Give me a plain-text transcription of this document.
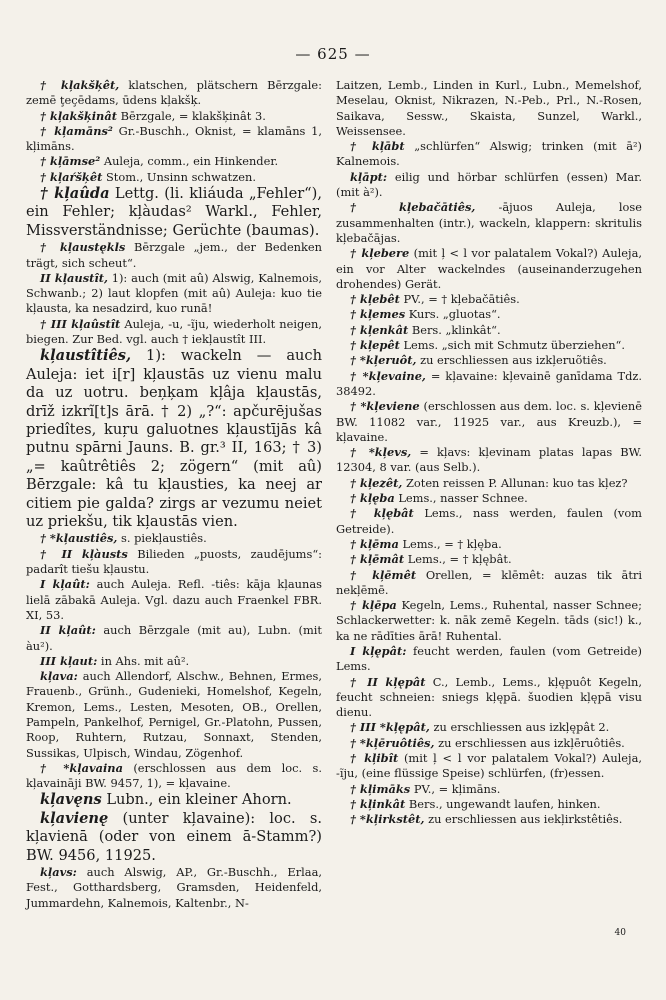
— 625 —

† kļakšķêt, klatschen, plätschern Bērzgale: zemē ţeçēdams, ūdens kļakšķ.

† kļakšķinât Bērzgale, = klakšķinât 3.

† kļamāns² Gr.-Buschh., Oknist, = klamāns 1, kļimāns.

† kļāmse² Auleja, comm., ein Hinkender.

† kļaŕšķêt Stom., Unsinn schwatzen.

† kļaûda Lettg. (li. kliáuda „Fehler“), ein Fehler; kļàudas² Warkl., Fehler, Missverständnisse; Gerüchte (baumas).

† kļaustękls Bērzgale „jem., der Bedenken trägt, sich scheut“.

II kļaustît, 1): auch (mit aû) Alswig, Kalnemois, Schwanb.; 2) laut klopfen (mit aû) Auleja: kuo tie kļausta, ka nesadzird, kuo runā!

† III kļaûstît Auleja, -u, -ĩju, wiederholt neigen, biegen. Zur Bed. vgl. auch † iekļaustît III.

kļaustîtiês, 1): wackeln — auch Auleja: iet i[r] kļaustās uz vienu malu da uz uotru. beņķam kļâja kļaustās, drīž izkrĩ[t]s ārā. † 2) „?“: apčurējušas priedîtes, kuŗu galuotnes kļaustījās kâ putnu spārni Jauns. B. gr.³ II, 163; † 3) „= kaûtrêtiês 2; zögern“ (mit aû) Bērzgale: kâ tu kļausties, ka neej ar citiem pie galda? zirgs ar vezumu neiet uz priekšu, tik kļaustās vien.

† *kļaustiês, s. piekļaustiês.

† II kļàusts Bilieden „puosts, zaudējums“: padarît tiešu kļaustu.

I kļaût: auch Auleja. Refl. -tiês: kāja kļaunas lielā zābakā Auleja. Vgl. dazu auch Fraenkel FBR. XI, 53.

II kļaût: auch Bērzgale (mit au), Lubn. (mit àu²).

III kļaut: in Ahs. mit aû².

kļava: auch Allendorf, Alschw., Behnen, Ermes, Frauenb., Grünh., Gudenieki, Homelshof, Kegeln, Kremon, Lems., Lesten, Mesoten, OB., Orellen, Pampeln, Pankelhof, Pernigel, Gr.-Platohn, Pussen, Roop, Ruhtern, Rutzau, Sonnaxt, Stenden, Sussikas, Ulpisch, Windau, Zögenhof.

† *kļavaina (erschlossen aus dem loc. s. kļavaināji BW. 9457, 1), = kļavaine.

kļavęns Lubn., ein kleiner Ahorn.

kļavienę (unter kļavaine): loc. s. kļavienā (oder von einem ā-Stamm?) BW. 9456, 11925.

kļavs: auch Alswig, AP., Gr.-Buschh., Erlaa, Fest., Gotthardsberg, Gramsden, Heidenfeld, Jummardehn, Kalnemois, Kaltenbr., N-

Laitzen, Lemb., Linden in Kurl., Lubn., Memelshof, Meselau, Oknist, Nikrazen, N.-Peb., Prl., N.-Rosen, Saikava, Sessw., Skaista, Sunzel, Warkl., Weissensee.

† kļābt „schlürfen“ Alswig; trinken (mit ā²) Kalnemois.

kļāpt: eilig und hörbar schlürfen (essen) Mar. (mit à²).

† kļebačātiês, -ājuos Auleja, lose zusammenhalten (intr.), wackeln, klappern: skritulis kļebačājas.

† kļebere (mit ļ < l vor palatalem Vokal?) Auleja, ein vor Alter wackelndes (auseinanderzugehen drohendes) Gerät.

† kļebêt PV., = † kļebačātiês.

† kļemes Kurs. „gluotas“.

† kļenkât Bers. „klinkât“.

† kļepêt Lems. „sich mit Schmutz überziehen“.

† *kļeruôt, zu erschliessen aus izkļeruõtiês.

† *kļevaine, = kļavaine: kļevainē ganīdama Tdz. 38492.

† *kļeviene (erschlossen aus dem. loc. s. kļevienē BW. 11082 var., 11925 var., aus Kreuzb.), = kļavaine.

† *kļevs, = kļavs: kļevinam platas lapas BW. 12304, 8 var. (aus Selb.).

† kļezêt, Zoten reissen P. Allunan: kuo tas kļez?

† kļęba Lems., nasser Schnee.

† kļębât Lems., nass werden, faulen (vom Getreide).

† kļēma Lems., = † kļęba.

† kļēmât Lems., = † kļębât.

† kļēmêt Orellen, = klēmêt: auzas tik ātri nekļēmē.

† kļēpa Kegeln, Lems., Ruhental, nasser Schnee; Schlackerwetter: k. nāk zemē Kegeln. tāds (sic!) k., ka ne rādīties ārā! Ruhental.

I kļępât: feucht werden, faulen (vom Getreide) Lems.

† II kļępât C., Lemb., Lems., kļępuôt Kegeln, feucht schneien: sniegs kļępā. šuodien kļępā visu dienu.

† III *kļępât, zu erschliessen aus izkļępât 2.

† *kļēruôtiês, zu erschliessen aus izkļēruôtiês.

† kļibît (mit ļ < l vor palatalem Vokal?) Auleja, -ĩju, (eine flüssige Speise) schlürfen, (fr)essen.

† kļimāks PV., = kļimāns.

† kļinkât Bers., ungewandt laufen, hinken.

† *kļirkstêt, zu erschliessen aus iekļirkstêtiês.

40
